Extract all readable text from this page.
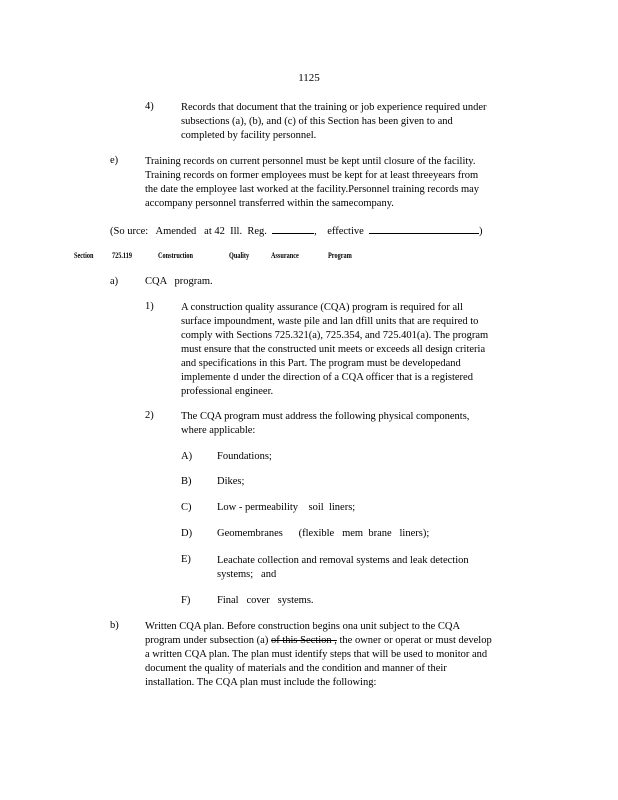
1125
4)	Records that document that the training or job experience required under

subsections (a), (b), and (c) of this Section has been given to and

completed by facility personnel.

e)	Training records on current personnel must be kept until closure of the facility.

Training records on former employees must be kept for at least threeyears from

the date the employee last worked at the facility.Personnel training records may

accompany personnel transferred within the samecompany.

(So urce:   Amended   at 42  Ill.  Reg.	,    effective	)
Section 725.119	Construction	Quality	Assurance	Program
a)	CQA   program.
1)	A construction quality assurance (CQA) program is required for all

surface impoundment, waste pile and lan dfill units that are required to

comply with Sections 725.321(a), 725.354, and 725.401(a). The program

must ensure that the constructed unit meets or exceeds all design criteria

and specifications in this Part. The program must be developedand

implemente d under the direction of a CQA officer that is a registered

professional engineer.

2)	The CQA program must address the following physical components,

where applicable:

A) Foundations;
B) Dikes;
C) Low - permeability    soil  liners;
D) Geomembranes      (flexible   mem  brane   liners);
E) Leachate collection and removal systems and leak detection

systems;   and

F)	Final   cover   systems.
b)	Written CQA plan. Before construction begins ona unit subject to the CQA

program under subsection (a) of this Section , the owner or operat or must develop

a written CQA plan. The plan must identify steps that will be used to monitor and

document the quality of materials and the condition and manner of their

installation. The CQA plan must include the following:
